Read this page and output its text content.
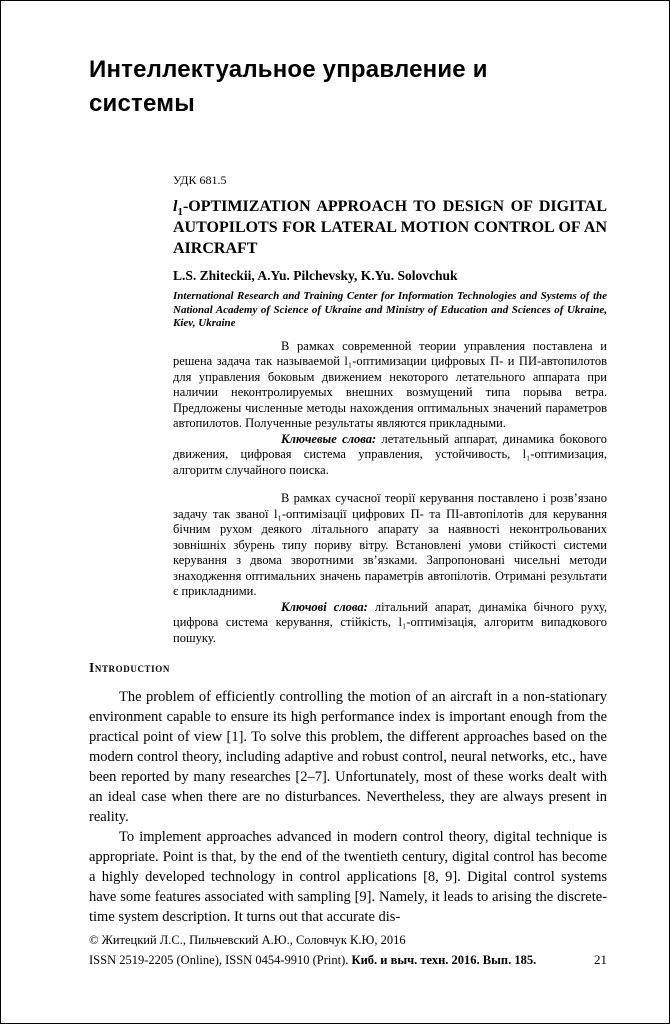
Интеллектуальное управление и
системы

УДК 681.5

$l_1$-OPTIMIZATION APPROACH TO DESIGN OF DIGITAL AUTOPILOTS FOR LATERAL MOTION CONTROL OF AN AIRCRAFT

L.S. Zhiteckii, A.Yu. Pilchevsky, K.Yu. Solovchuk

International Research and Training Center for Information Technologies and Systems of the National Academy of Science of Ukraine and Ministry of Education and Sciences of Ukraine, Kiev, Ukraine

В рамках современной теории управления поставлена и решена задача так называемой l₁-оптимизации цифровых П- и ПИ-автопилотов для управления боковым движением некоторого летательного аппарата при наличии неконтролируемых внешних возмущений типа порыва ветра. Предложены численные методы нахождения оптимальных значений параметров автопилотов. Полученные результаты являются прикладными.

Ключевые слова: летательный аппарат, динамика бокового движения, цифровая система управления, устойчивость, l₁-оптимизация, алгоритм случайного поиска.

В рамках сучасної теорії керування поставлено і розв’язано задачу так званої l₁-оптимізації цифрових П- та ПІ-автопілотів для керування бічним рухом деякого літального апарату за наявності неконтрольованих зовнішніх збурень типу пориву вітру. Встановлені умови стійкості системи керування з двома зворотними зв’язками. Запропоновані чисельні методи знаходження оптимальних значень параметрів автопілотів. Отримані результати є прикладними.

Ключові слова: літальний апарат, динаміка бічного руху, цифрова система керування, стійкість, l₁-оптимізація, алгоритм випадкового пошуку.

Introduction

The problem of efficiently controlling the motion of an aircraft in a non-stationary environment capable to ensure its high performance index is important enough from the practical point of view [1]. To solve this problem, the different approaches based on the modern control theory, including adaptive and robust control, neural networks, etc., have been reported by many researches [2–7]. Unfortunately, most of these works dealt with an ideal case when there are no disturbances. Nevertheless, they are always present in reality.

To implement approaches advanced in modern control theory, digital technique is appropriate. Point is that, by the end of the twentieth century, digital control has become a highly developed technology in control applications [8, 9]. Digital control systems have some features associated with sampling [9]. Namely, it leads to arising the discrete-time system description. It turns out that accurate dis-

© Житецкий Л.С., Пильчевский А.Ю., Соловчук К.Ю, 2016
ISSN 2519-2205 (Online), ISSN 0454-9910 (Print). Киб. и выч. техн. 2016. Вып. 185.	21
